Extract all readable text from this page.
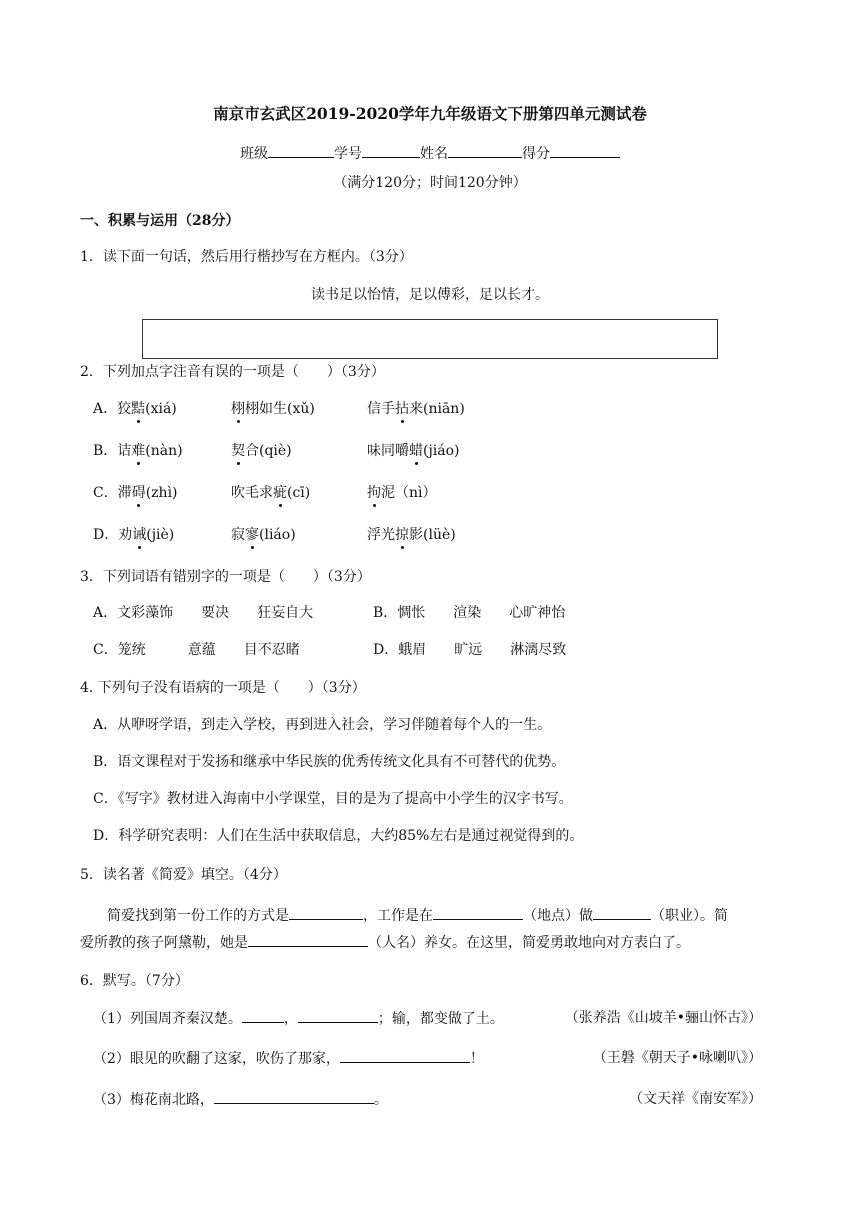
南京市玄武区2019-2020学年九年级语文下册第四单元测试卷
班级	学号	姓名	得分
（满分120分；时间120分钟）
一、积累与运用（28分）
1．读下面一句话，然后用行楷抄写在方框内。（3分）
读书足以怡情，足以傅彩，足以长才。
2．下列加点字注音有误的一项是（　　）（3分）
A．狡黠(xiá)	栩栩如生(xǔ)	信手拈来(niān)
B．诘难(nàn)	契合(qiè)	味同嚼蜡(jiáo)
C．滞碍(zhì)	吹毛求疵(cī)	拘泥（nì）
D．劝诫(jiè)	寂寥(liáo)	浮光掠影(lüè)
3．下列词语有错别字的一项是（　　）（3分）
A．文彩藻饰　　要决　　狂妄自大	B．惆怅　　渲染　　心旷神怡
C．笼统　　　意蕴　　目不忍睹	D．蛾眉　　旷远　　淋漓尽致
4. 下列句子没有语病的一项是（　　）（3分）
A．从咿呀学语，到走入学校，再到进入社会，学习伴随着每个人的一生。
B．语文课程对于发扬和继承中华民族的优秀传统文化具有不可替代的优势。
C．《写字》教材进入海南中小学课堂，目的是为了提高中小学生的汉字书写。
D．科学研究表明：人们在生活中获取信息，大约85%左右是通过视觉得到的。
5．读名著《简爱》填空。（4分）
简爱找到第一份工作的方式是	，工作是在	（地点）做	（职业）。简
爱所教的孩子阿黛勒，她是	（人名）养女。在这里，简爱勇敢地向对方表白了。
6．默写。（7分）
（1）列国周齐秦汉楚。	，	；输，都变做了土。	（张养浩《山坡羊•骊山怀古》）
（2）眼见的吹翻了这家，吹伤了那家，	！	（王磐《朝天子•咏喇叭》）
（3）梅花南北路，	。	（文天祥《南安军》）
